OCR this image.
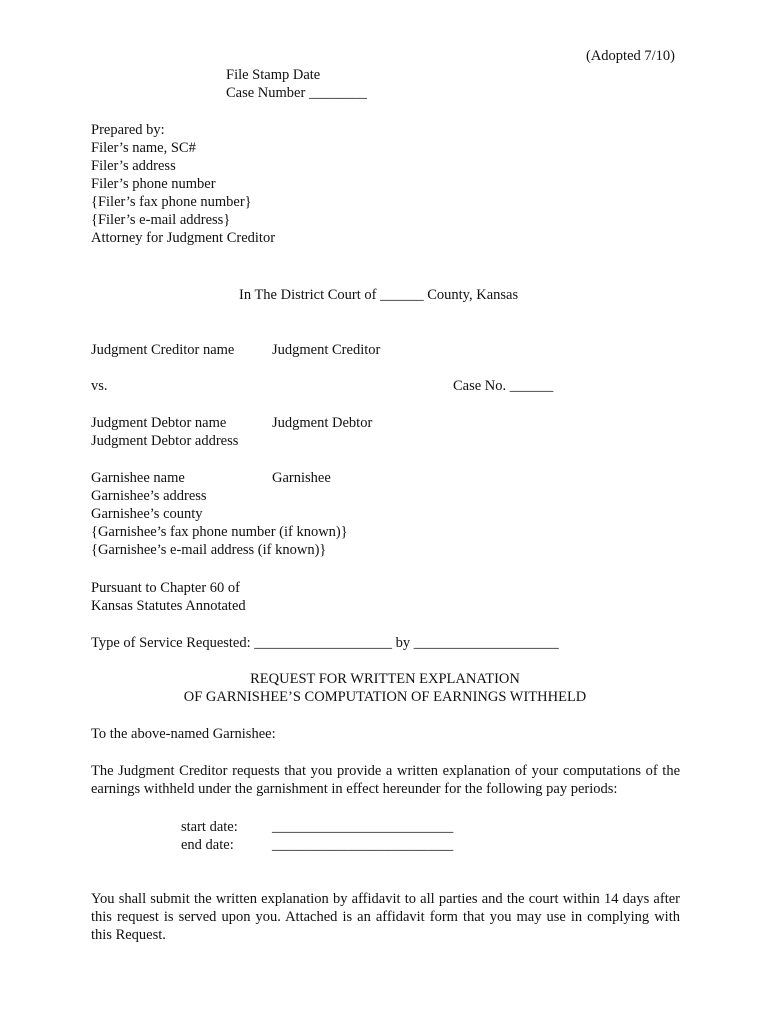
(Adopted 7/10)
File Stamp Date
Case Number ________
Prepared by:
Filer’s name, SC#
Filer’s address
Filer’s phone number
{Filer’s fax phone number}
{Filer’s e-mail address}
Attorney for Judgment Creditor
In The District Court of ______ County, Kansas
Judgment Creditor name	Judgment Creditor
vs.	Case No. ______
Judgment Debtor name	Judgment Debtor
Judgment Debtor address
Garnishee name	Garnishee
Garnishee’s address
Garnishee’s county
{Garnishee’s fax phone number (if known)}
{Garnishee’s e-mail address (if known)}
Pursuant to Chapter 60 of
Kansas Statutes Annotated
Type of Service Requested: ___________________ by ____________________
REQUEST FOR WRITTEN EXPLANATION
OF GARNISHEE’S COMPUTATION OF EARNINGS WITHHELD
To the above-named Garnishee:
The Judgment Creditor requests that you provide a written explanation of your computations of the earnings withheld under the garnishment in effect hereunder for the following pay periods:
start date: _________________________
end date:	_________________________
You shall submit the written explanation by affidavit to all parties and the court within 14 days after this request is served upon you. Attached is an affidavit form that you may use in complying with this Request.
